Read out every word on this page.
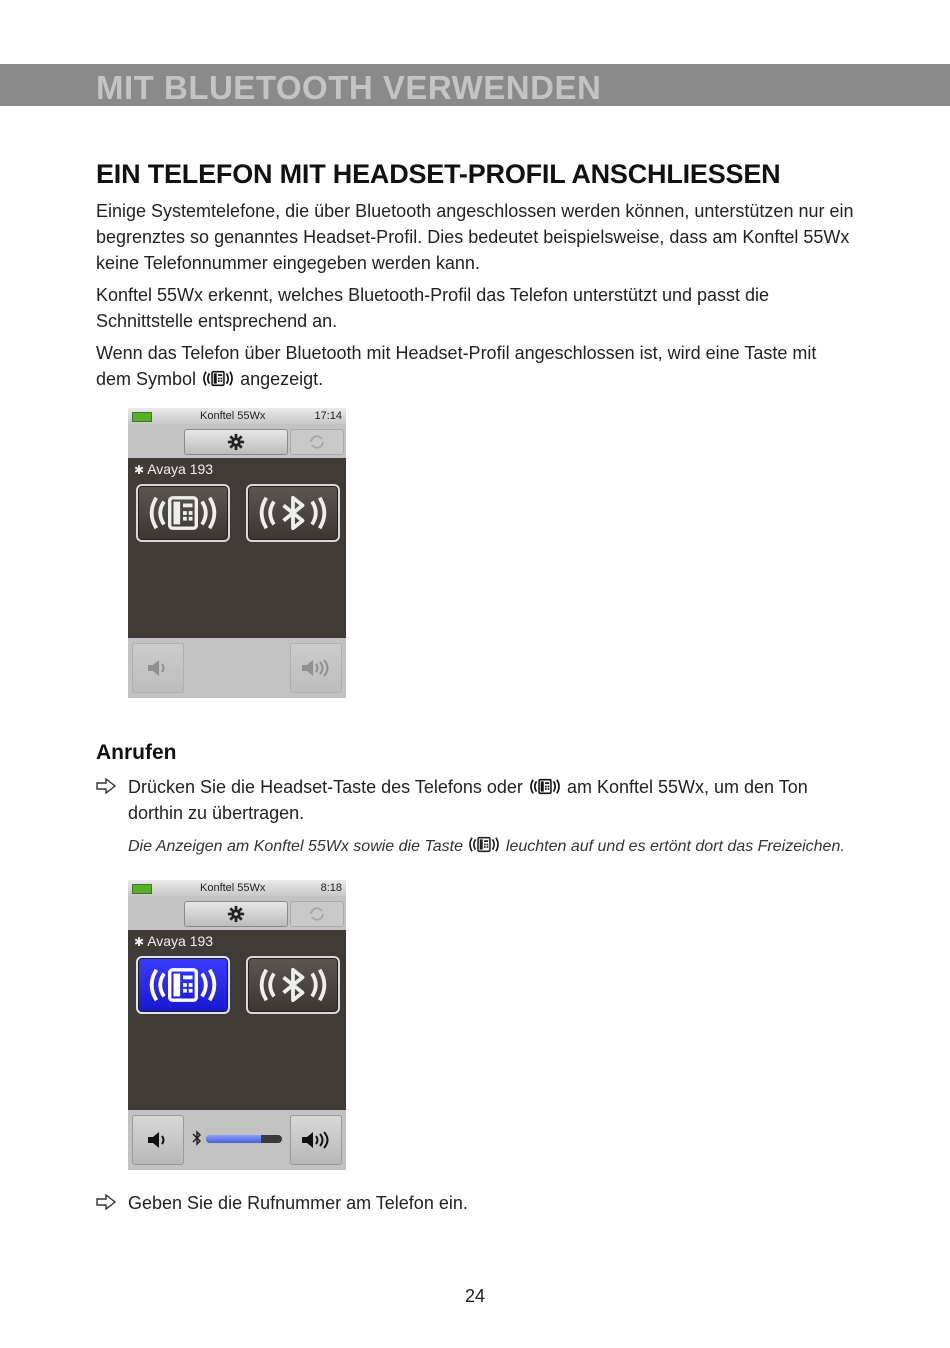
MIT BLUETOOTH VERWENDEN
EIN TELEFON MIT HEADSET-PROFIL ANSCHLIESSEN

Einige Systemtelefone, die über Bluetooth angeschlossen werden können, unterstützen nur ein begrenztes so genanntes Headset-Profil. Dies bedeutet beispielsweise, dass am Konftel 55Wx keine Telefonnummer eingegeben werden kann.

Konftel 55Wx erkennt, welches Bluetooth-Profil das Telefon unterstützt und passt die Schnittstelle entsprechend an.

Wenn das Telefon über Bluetooth mit Headset-Profil angeschlossen ist, wird eine Taste mit dem Symbol angezeigt.

Konftel 55Wx	17:14
✱ Avaya 193
Anrufen
Drücken Sie die Headset-Taste des Telefons oder am Konftel 55Wx, um den Ton dorthin zu übertragen.
Die Anzeigen am Konftel 55Wx sowie die Taste	leuchten auf und es ertönt dort das Freizeichen.
Konftel 55Wx	8:18
✱ Avaya 193
Geben Sie die Rufnummer am Telefon ein.
24
